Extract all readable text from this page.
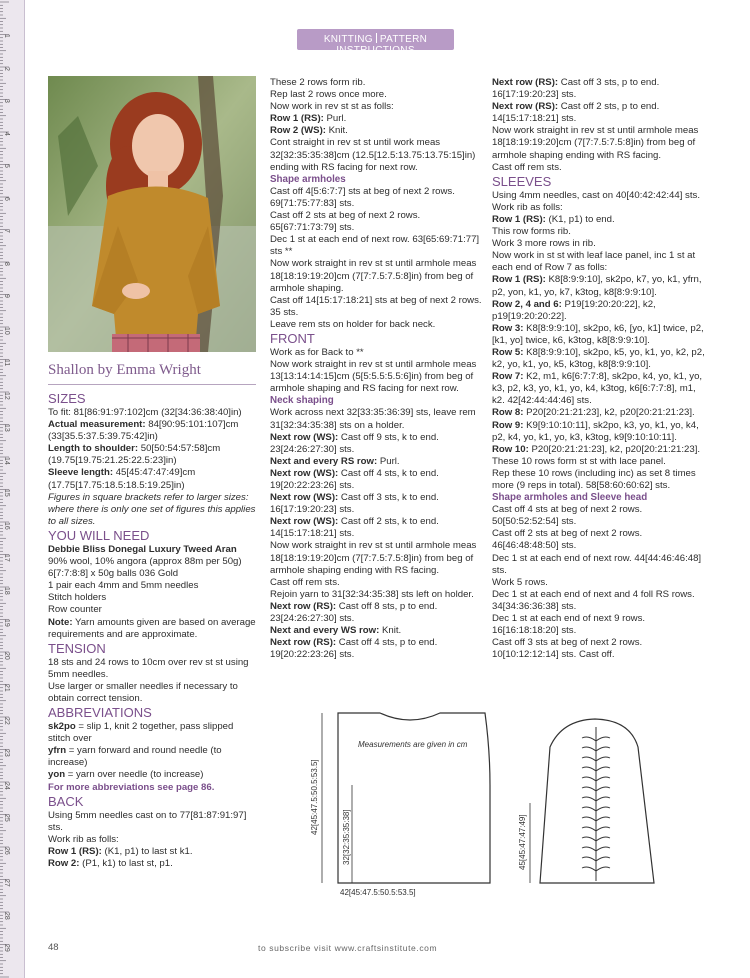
1
2
3
4
5
6
7
8
9
10
11
12
13
14
15
16
17
18
19
20
21
22
23
24
25
26
27
28
29
KNITTING PATTERN INSTRUCTIONS
Shallon by Emma Wright

SIZES

To fit: 81[86:91:97:102]cm (32[34:36:38:40]in)

Actual measurement: 84[90:95:101:107]cm (33[35.5:37.5:39.75:42]in)

Length to shoulder: 50[50:54:57:58]cm (19.75[19.75:21.25:22.5:23]in)

Sleeve length: 45[45:47:47:49]cm (17.75[17.75:18.5:18.5:19.25]in)

Figures in square brackets refer to larger sizes: where there is only one set of figures this applies to all sizes.

YOU WILL NEED

Debbie Bliss Donegal Luxury Tweed Aran

90% wool, 10% angora (approx 88m per 50g)

6[7:7:8:8] x 50g balls 036 Gold

1 pair each 4mm and 5mm needles

Stitch holders

Row counter

Note: Yarn amounts given are based on average requirements and are approximate.

TENSION

18 sts and 24 rows to 10cm over rev st st using 5mm needles.

Use larger or smaller needles if necessary to obtain correct tension.

ABBREVIATIONS

sk2po = slip 1, knit 2 together, pass slipped stitch over

yfrn = yarn forward and round needle (to increase)

yon = yarn over needle (to increase)

For more abbreviations see page 86.

BACK

Using 5mm needles cast on to 77[81:87:91:97] sts.

Work rib as folls:

Row 1 (RS): (K1, p1) to last st k1.

Row 2: (P1, k1) to last st, p1.

These 2 rows form rib.

Rep last 2 rows once more.

Now work in rev st st as folls:

Row 1 (RS): Purl.

Row 2 (WS): Knit.

Cont straight in rev st st until work meas 32[32:35:35:38]cm (12.5[12.5:13.75:13.75:15]in) ending with RS facing for next row.

Shape armholes

Cast off 4[5:6:7:7] sts at beg of next 2 rows. 69[71:75:77:83] sts.

Cast off 2 sts at beg of next 2 rows. 65[67:71:73:79] sts.

Dec 1 st at each end of next row. 63[65:69:71:77] sts **

Now work straight in rev st st until armhole meas 18[18:19:19:20]cm (7[7:7.5:7.5:8]in) from beg of armhole shaping.

Cast off 14[15:17:18:21] sts at beg of next 2 rows. 35 sts.

Leave rem sts on holder for back neck.

FRONT

Work as for Back to **

Now work straight in rev st st until armhole meas 13[13:14:14:15]cm (5[5:5.5:5.5:6]in) from beg of armhole shaping and RS facing for next row.

Neck shaping

Work across next 32[33:35:36:39] sts, leave rem 31[32:34:35:38] sts on a holder.

Next row (WS): Cast off 9 sts, k to end. 23[24:26:27:30] sts.

Next and every RS row: Purl.

Next row (WS): Cast off 4 sts, k to end. 19[20:22:23:26] sts.

Next row (WS): Cast off 3 sts, k to end. 16[17:19:20:23] sts.

Next row (WS): Cast off 2 sts, k to end. 14[15:17:18:21] sts.

Now work straight in rev st st until armhole meas 18[18:19:19:20]cm (7[7:7.5:7.5:8]in) from beg of armhole shaping ending with RS facing.

Cast off rem sts.

Rejoin yarn to 31[32:34:35:38] sts left on holder.

Next row (RS): Cast off 8 sts, p to end. 23[24:26:27:30] sts.

Next and every WS row: Knit.

Next row (RS): Cast off 4 sts, p to end. 19[20:22:23:26] sts.

Next row (RS): Cast off 3 sts, p to end. 16[17:19:20:23] sts.

Next row (RS): Cast off 2 sts, p to end. 14[15:17:18:21] sts.

Now work straight in rev st st until armhole meas 18[18:19:19:20]cm (7[7:7.5:7.5:8]in) from beg of armhole shaping ending with RS facing.

Cast off rem sts.

SLEEVES

Using 4mm needles, cast on 40[40:42:42:44] sts.

Work rib as folls:

Row 1 (RS): (K1, p1) to end.

This row forms rib.

Work 3 more rows in rib.

Now work in st st with leaf lace panel, inc 1 st at each end of Row 7 as folls:

Row 1 (RS): K8[8:9:9:10], sk2po, k7, yo, k1, yfrn, p2, yon, k1, yo, k7, k3tog, k8[8:9:9:10].

Row 2, 4 and 6: P19[19:20:20:22], k2, p19[19:20:20:22].

Row 3: K8[8:9:9:10], sk2po, k6, [yo, k1] twice, p2, [k1, yo] twice, k6, k3tog, k8[8:9:9:10].

Row 5: K8[8:9:9:10], sk2po, k5, yo, k1, yo, k2, p2, k2, yo, k1, yo, k5, k3tog, k8[8:9:9:10].

Row 7: K2, m1, k6[6:7:7:8], sk2po, k4, yo, k1, yo, k3, p2, k3, yo, k1, yo, k4, k3tog, k6[6:7:7:8], m1, k2. 42[42:44:44:46] sts.

Row 8: P20[20:21:21:23], k2, p20[20:21:21:23].

Row 9: K9[9:10:10:11], sk2po, k3, yo, k1, yo, k4, p2, k4, yo, k1, yo, k3, k3tog, k9[9:10:10:11].

Row 10: P20[20:21:21:23], k2, p20[20:21:21:23].

These 10 rows form st st with lace panel.

Rep these 10 rows (including inc) as set 8 times more (9 reps in total). 58[58:60:60:62] sts.

Shape armholes and Sleeve head

Cast off 4 sts at beg of next 2 rows. 50[50:52:52:54] sts.

Cast off 2 sts at beg of next 2 rows. 46[46:48:48:50] sts.

Dec 1 st at each end of next row. 44[44:46:46:48] sts.

Work 5 rows.

Dec 1 st at each end of next and 4 foll RS rows. 34[34:36:36:38] sts.

Dec 1 st at each end of next 9 rows. 16[16:18:18:20] sts.

Cast off 3 sts at beg of next 2 rows. 10[10:12:12:14] sts. Cast off.

Measurements are given in cm
42[45:47.5:50.5:53.5]
32[32:35:35:38]	45[45:47:47:49]
42[45:47.5:50.5:53.5]
48	to subscribe visit www.craftsinstitute.com
